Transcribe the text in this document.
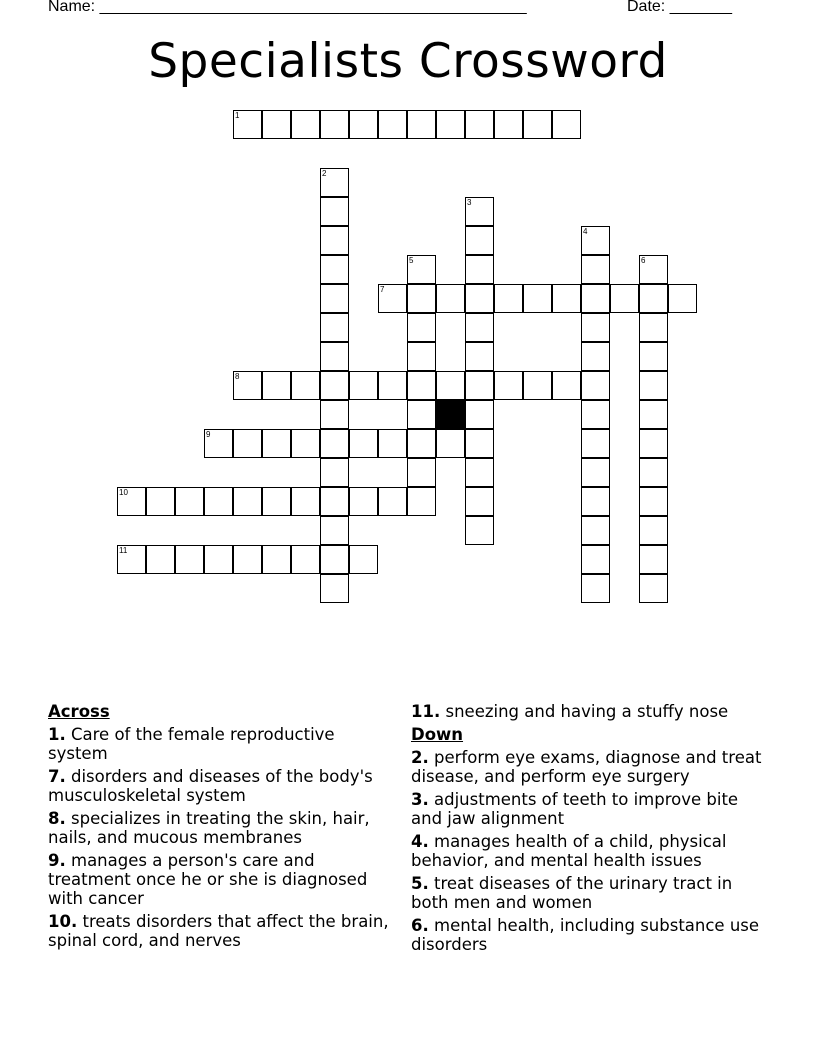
Name: ________________________________________________	Date: _______
Specialists Crossword
1
2
3
4
5	6
7
8
9
10
11
Across
1. Care of the female reproductive system
7. disorders and diseases of the body's musculoskeletal system
8. specializes in treating the skin, hair, nails, and mucous membranes
9. manages a person's care and treatment once he or she is diagnosed with cancer
10. treats disorders that affect the brain, spinal cord, and nerves
11. sneezing and having a stuffy nose
Down
2. perform eye exams, diagnose and treat disease, and perform eye surgery
3. adjustments of teeth to improve bite and jaw alignment
4. manages health of a child, physical behavior, and mental health issues
5. treat diseases of the urinary tract in both men and women
6. mental health, including substance use disorders
